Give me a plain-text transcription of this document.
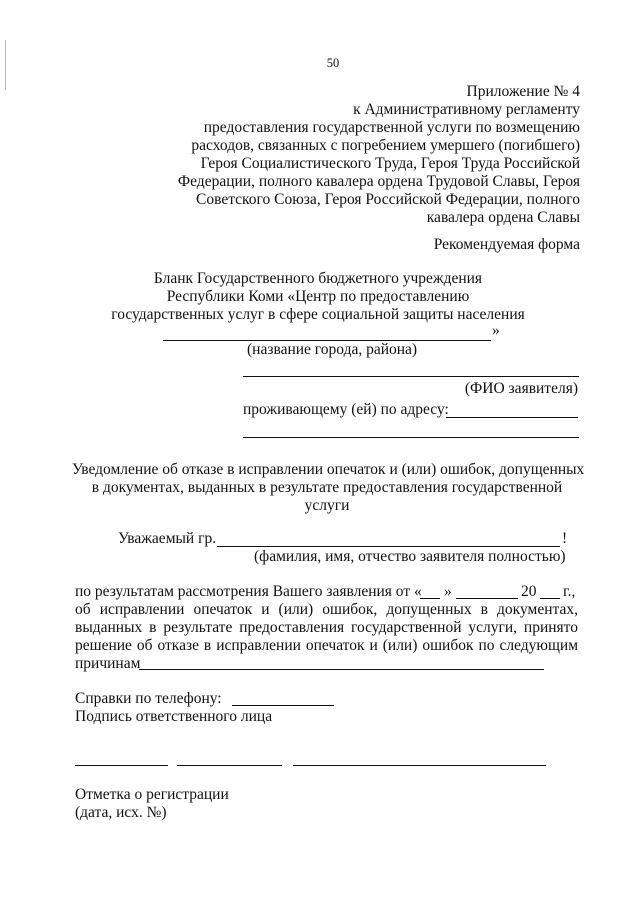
50
Приложение № 4
к Административному регламенту
предоставления государственной услуги по возмещению
расходов, связанных с погребением умершего (погибшего)
Героя Социалистического Труда, Героя Труда Российской
Федерации, полного кавалера ордена Трудовой Славы, Героя
Советского Союза, Героя Российской Федерации, полного
кавалера ордена Славы
Рекомендуемая форма
Бланк Государственного бюджетного учреждения
Республики Коми «Центр по предоставлению
государственных услуг в сфере социальной защиты населения
»
(название города, района)
(ФИО заявителя)
проживающему (ей) по адресу:
Уведомление об отказе в исправлении опечаток и (или) ошибок, допущенных
в документах, выданных в результате предоставления государственной
услуги
Уважаемый гр.	!
(фамилия, имя, отчество заявителя полностью)
по результатам рассмотрения Вашего заявления от « »	20 г.,
об исправлении опечаток и (или) ошибок, допущенных в документах,
выданных в результате предоставления государственной услуги, принято
решение об отказе в исправлении опечаток и (или) ошибок по следующим
причинам
Справки по телефону:
Подпись ответственного лица
Отметка о регистрации
(дата, исх. №)
